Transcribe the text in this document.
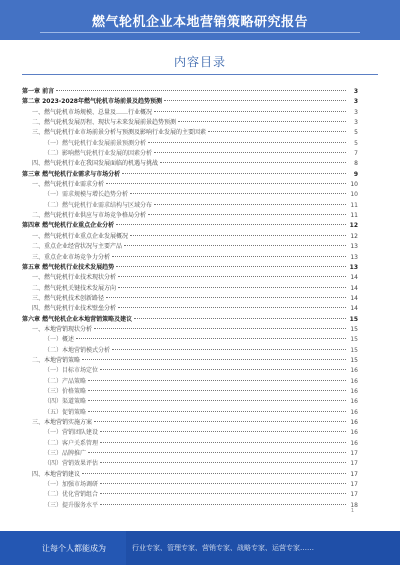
燃气轮机企业本地营销策略研究报告
内容目录
第一章 前言	3
第二章 2023-2028年燃气轮机市场前景及趋势预测	3
一、燃气轮机市场规模、总量及……行业概况	3
二、燃气轮机发展历程、现状与未来发展前景趋势预测	3
三、燃气轮机行业市场前景分析与预测及影响行业发展的主要因素	5
（一）燃气轮机行业发展前景预测分析	5
（二）影响燃气轮机行业发展的因素分析	7
四、燃气轮机行业在我国发展面临的机遇与挑战	8
第三章 燃气轮机行业需求与市场分析	9
一、燃气轮机行业需求分析	10
（一）需求规模与增长趋势分析	10
（二）燃气轮机行业需求结构与区域分布	11
二、燃气轮机行业供应与市场竞争格局分析	11
第四章 燃气轮机行业重点企业分析	12
一、燃气轮机行业重点企业发展概况	12
二、重点企业经营状况与主要产品	13
三、重点企业市场竞争力分析	13
第五章 燃气轮机行业技术发展趋势	13
一、燃气轮机行业技术现状分析	14
二、燃气轮机关键技术发展方向	14
三、燃气轮机技术创新路径	14
四、燃气轮机行业技术壁垒分析	14
第六章 燃气轮机企业本地营销策略及建议	15
一、本地营销现状分析	15
（一）概述	15
（二）本地营销模式分析	15
二、本地营销策略	15
（一）目标市场定位	16
（二）产品策略	16
（三）价格策略	16
（四）渠道策略	16
（五）促销策略	16
三、本地营销实施方案	16
（一）营销团队建设	16
（二）客户关系管理	16
（三）品牌推广	17
（四）营销效果评估	17
四、本地营销建议	17
（一）加强市场调研	17
（二）优化营销组合	17
（三）提升服务水平	18
1
让每个人都能成为	行业专家、管理专家、营销专家、战略专家、运营专家……
